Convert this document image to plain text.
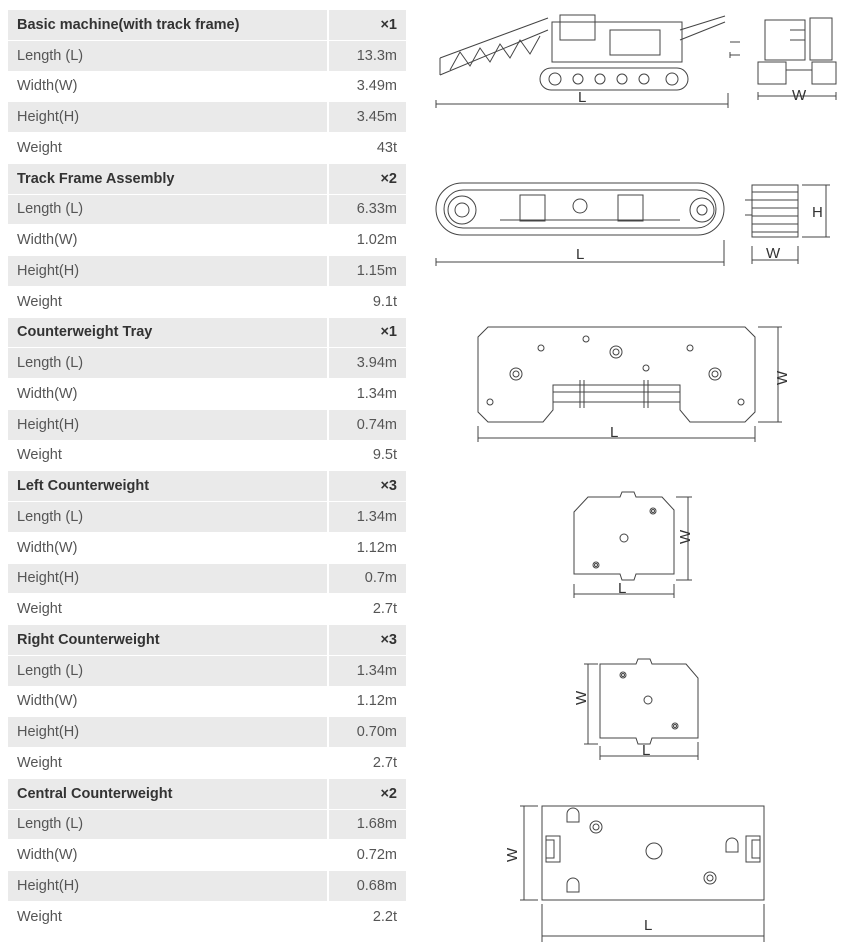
Basic machine(with track frame)	×1
Length (L)	13.3m
Width(W)	3.49m
Height(H)	3.45m
Weight	43t
Track Frame Assembly	×2
Length (L)	6.33m
Width(W)	1.02m
Height(H)	1.15m
Weight	9.1t
Counterweight Tray	×1
Length (L)	3.94m
Width(W)	1.34m
Height(H)	0.74m
Weight	9.5t
Left Counterweight	×3
Length (L)	1.34m
Width(W)	1.12m
Height(H)	0.7m
Weight	2.7t
Right Counterweight	×3
Length (L)	1.34m
Width(W)	1.12m
Height(H)	0.70m
Weight	2.7t
Central Counterweight	×2
Length (L)	1.68m
Width(W)	0.72m
Height(H)	0.68m
Weight	2.2t
L	W
L	W
H
L
W
L
W
L
W
L
W
